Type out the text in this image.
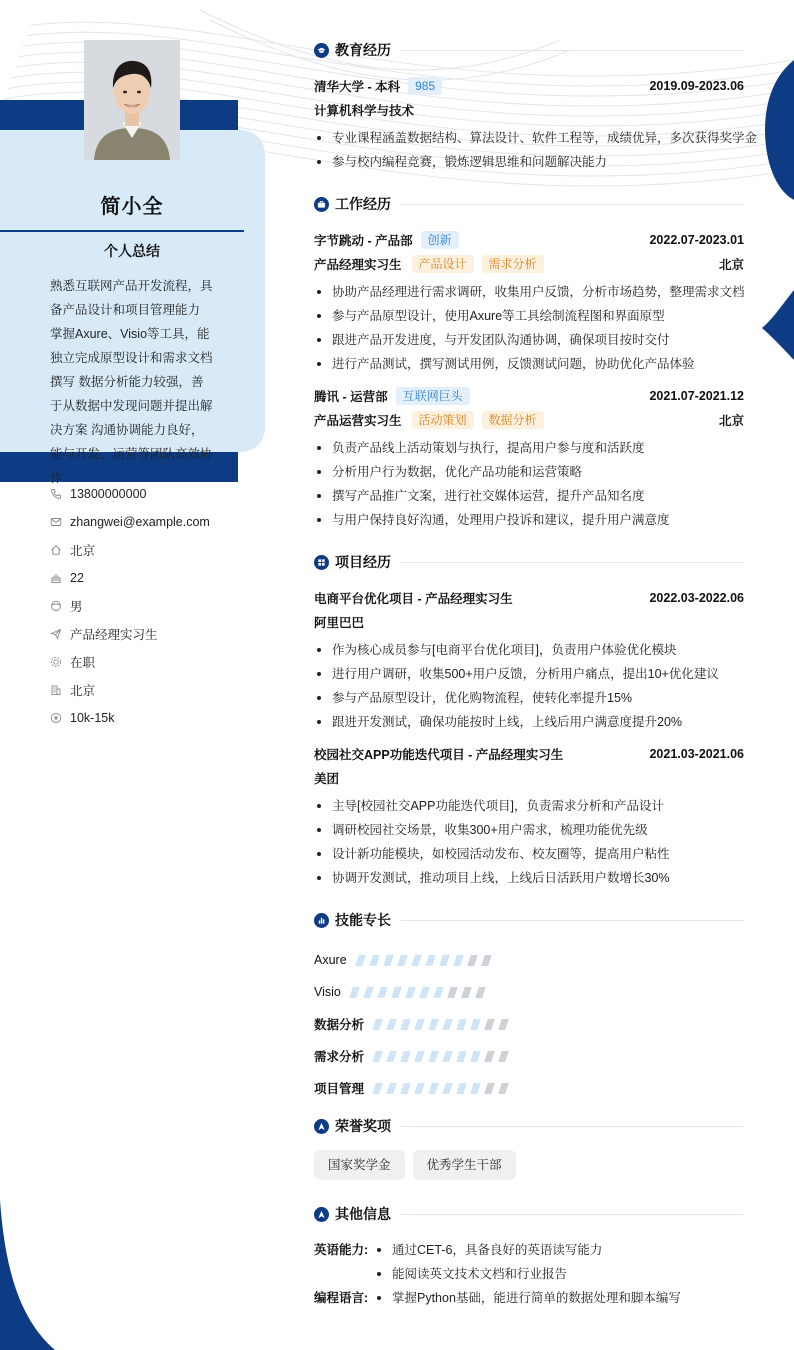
简小全
个人总结
熟悉互联网产品开发流程，具备产品设计和项目管理能力 掌握Axure、Visio等工具，能独立完成原型设计和需求文档撰写 数据分析能力较强，善于从数据中发现问题并提出解决方案 沟通协调能力良好，能与开发、运营等团队高效协作
13800000000
zhangwei@example.com
北京
22
男
产品经理实习生
在职
北京
10k-15k
教育经历
清华大学 - 本科	985	2019.09-2023.06
计算机科学与技术
专业课程涵盖数据结构、算法设计、软件工程等，成绩优异，多次获得奖学金
参与校内编程竞赛，锻炼逻辑思维和问题解决能力
工作经历
字节跳动 - 产品部	创新	2022.07-2023.01
产品经理实习生	产品设计	需求分析	北京
协助产品经理进行需求调研，收集用户反馈，分析市场趋势，整理需求文档
参与产品原型设计，使用Axure等工具绘制流程图和界面原型
跟进产品开发进度，与开发团队沟通协调，确保项目按时交付
进行产品测试，撰写测试用例，反馈测试问题，协助优化产品体验
腾讯 - 运营部	互联网巨头	2021.07-2021.12
产品运营实习生	活动策划	数据分析	北京
负责产品线上活动策划与执行，提高用户参与度和活跃度
分析用户行为数据，优化产品功能和运营策略
撰写产品推广文案，进行社交媒体运营，提升产品知名度
与用户保持良好沟通，处理用户投诉和建议，提升用户满意度
项目经历
电商平台优化项目 - 产品经理实习生	2022.03-2022.06
阿里巴巴
作为核心成员参与[电商平台优化项目]，负责用户体验优化模块
进行用户调研，收集500+用户反馈，分析用户痛点，提出10+优化建议
参与产品原型设计，优化购物流程，使转化率提升15%
跟进开发测试，确保功能按时上线，上线后用户满意度提升20%
校园社交APP功能迭代项目 - 产品经理实习生	2021.03-2021.06
美团
主导[校园社交APP功能迭代项目]，负责需求分析和产品设计
调研校园社交场景，收集300+用户需求，梳理功能优先级
设计新功能模块，如校园活动发布、校友圈等，提高用户粘性
协调开发测试，推动项目上线，上线后日活跃用户数增长30%
技能专长
Axure
Visio
数据分析
需求分析
项目管理
荣誉奖项
国家奖学金	优秀学生干部
其他信息
英语能力:	通过CET-6，具备良好的英语读写能力
能阅读英文技术文档和行业报告
编程语言:	掌握Python基础，能进行简单的数据处理和脚本编写
